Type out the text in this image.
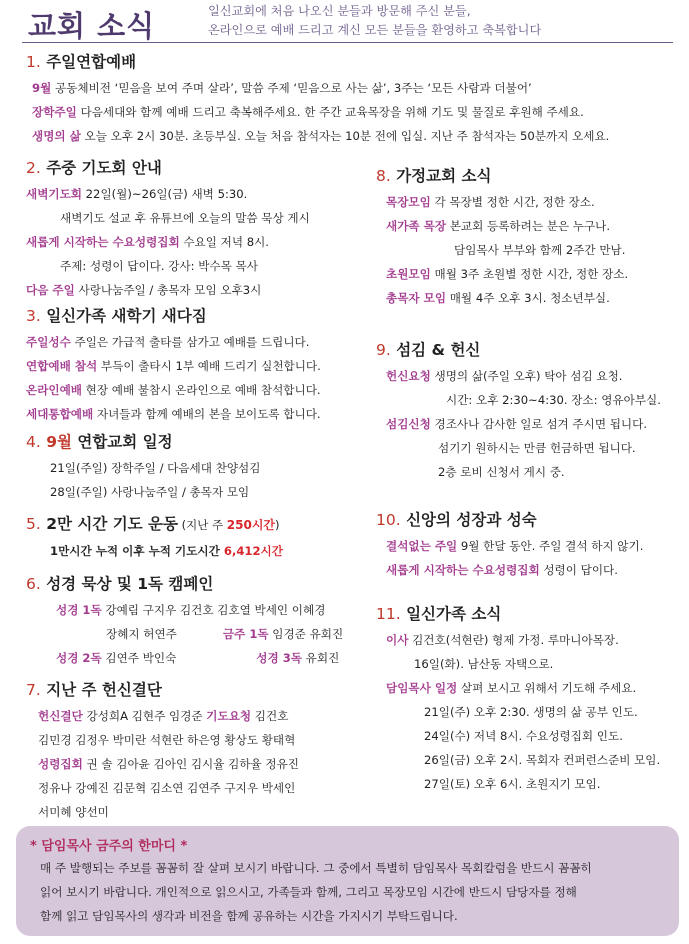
교회 소식	일신교회에 처음 나오신 분들과 방문해 주신 분들,
온라인으로 예배 드리고 계신 모든 분들을 환영하고 축복합니다
1. 주일연합예배
9월 공동체비전 ‘믿음을 보여 주며 살라’, 말씀 주제 ‘믿음으로 사는 삶’, 3주는 ‘모든 사람과 더불어’
장학주일 다음세대와 함께 예배 드리고 축복해주세요. 한 주간 교육목장을 위해 기도 및 물질로 후원해 주세요.
생명의 삶 오늘 오후 2시 30분. 초등부실. 오늘 처음 참석자는 10분 전에 입실. 지난 주 참석자는 50분까지 오세요.
2. 주중 기도회 안내
새벽기도회 22일(월)~26일(금) 새벽 5:30.
새벽기도 설교 후 유튜브에 오늘의 말씀 묵상 게시
새롭게 시작하는 수요성령집회 수요일 저녁 8시.
주제: 성령이 답이다. 강사: 박수목 목사
다음 주일 사랑나눔주일 / 총목자 모임 오후3시
3. 일신가족 새학기 새다짐
주일성수 주일은 가급적 출타를 삼가고 예배를 드립니다.
연합예배 참석 부득이 출타시 1부 예배 드리기 실천합니다.
온라인예배 현장 예배 불참시 온라인으로 예배 참석합니다.
세대통합예배 자녀들과 함께 예배의 본을 보이도록 합니다.
4. 9월 연합교회 일정
21일(주일) 장학주일 / 다음세대 찬양섬김
28일(주일) 사랑나눔주일 / 총목자 모임
5. 2만 시간 기도 운동 (지난 주 250시간)
1만시간 누적 이후 누적 기도시간 6,412시간
6. 성경 묵상 및 1독 캠페인
성경 1독 강예림 구지우 김건호 김호열 박세인 이혜경
장혜지 허연주	금주 1독 임경준 유회진
성경 2독 김연주 박인숙	성경 3독 유회진
7. 지난 주 헌신결단
헌신결단 강성희A 김현주 임경준 기도요청 김건호
김민경 김정우 박미란 석현란 하은영 황상도 황태혁
성령집회 권 솔 김아윤 김아인 김시율 김하율 정유진
정유나 강예진 김문혁 김소연 김연주 구지우 박세인
서미혜 양선미
8. 가정교회 소식
목장모임 각 목장별 정한 시간, 정한 장소.
새가족 목장 본교회 등록하려는 분은 누구나.
담임목사 부부와 함께 2주간 만남.
초원모임 매월 3주 초원별 정한 시간, 정한 장소.
총목자 모임 매월 4주 오후 3시. 청소년부실.
9. 섬김 & 헌신
헌신요청 생명의 삶(주일 오후) 탁아 섬김 요청.
시간: 오후 2:30~4:30. 장소: 영유아부실.
섬김신청 경조사나 감사한 일로 섬겨 주시면 됩니다.
섬기기 원하시는 만큼 헌금하면 됩니다.
2층 로비 신청서 게시 중.
10. 신앙의 성장과 성숙
결석없는 주일 9월 한달 동안. 주일 결석 하지 않기.
새롭게 시작하는 수요성령집회 성령이 답이다.
11. 일신가족 소식
이사 김건호(석현란) 형제 가정. 루마니아목장.
16일(화). 남산동 자택으로.
담임목사 일정 살펴 보시고 위해서 기도해 주세요.
21일(주) 오후 2:30. 생명의 삶 공부 인도.
24일(수) 저녁 8시. 수요성령집회 인도.
26일(금) 오후 2시. 목회자 컨퍼런스준비 모임.
27일(토) 오후 6시. 초원지기 모임.
* 담임목사 금주의 한마디 *
매 주 발행되는 주보를 꼼꼼히 잘 살펴 보시기 바랍니다. 그 중에서 특별히 담임목사 목회칼럼을 반드시 꼼꼼히
읽어 보시기 바랍니다. 개인적으로 읽으시고, 가족들과 함께, 그리고 목장모임 시간에 반드시 담당자를 정해
함께 읽고 담임목사의 생각과 비전을 함께 공유하는 시간을 가지시기 부탁드립니다.
